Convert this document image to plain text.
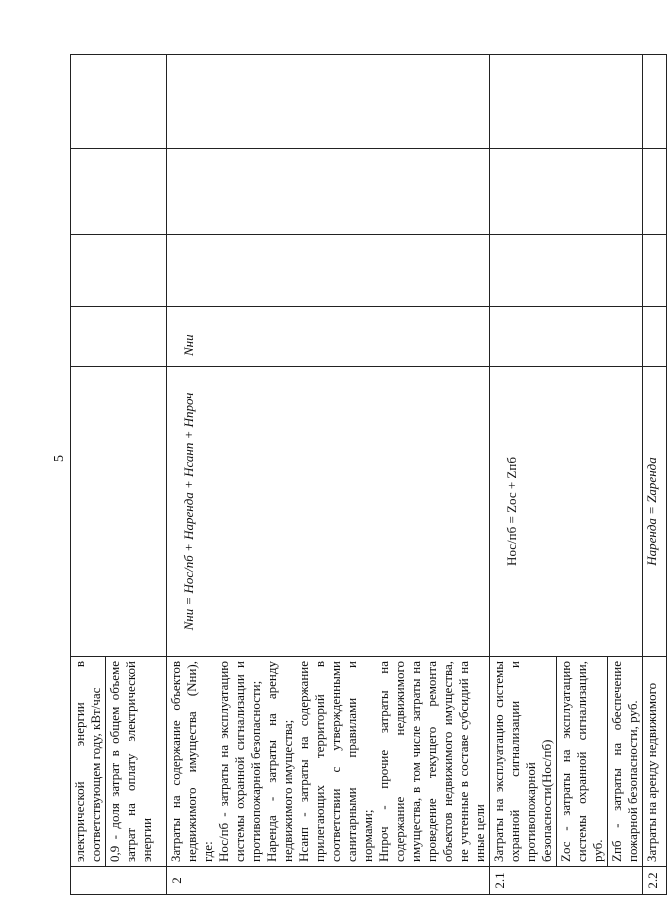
5

	электрической энергии в соответствующем году, кВт/час 0,9 - доля затрат в общем объеме затрат на оплату электрической энергии					

2	Затраты на содержание объектов недвижимого имущества (Nни), где: Нос/пб - затраты на эксплуатацию системы охранной сигнализации и противопожарной безопасности; Наренда - затраты на аренду недвижимого имущества; Нсанп - затраты на содержание прилегающих территорий в соответствии с утвержденными санитарными правилами и нормами; Нпроч - прочие затраты на содержание недвижимого имущества, в том числе затраты на проведение текущего ремонта объектов недвижимого имущества, не учтенные в составе субсидий на иные цели	Nни = Нос/пб + Наренда + Нсанп + Нпроч	Nни			
2.1	Затраты на эксплуатацию системы охранной сигнализации и противопожарной безопасности(Нос/пб) Zос - затраты на эксплуатацию системы охранной сигнализации, руб. Zпб - затраты на обеспечение пожарной безопасности, руб.	Нос/пб = Zос + Zпб				
2.2	Затраты на аренду недвижимого	Наренда = Zаренда				
